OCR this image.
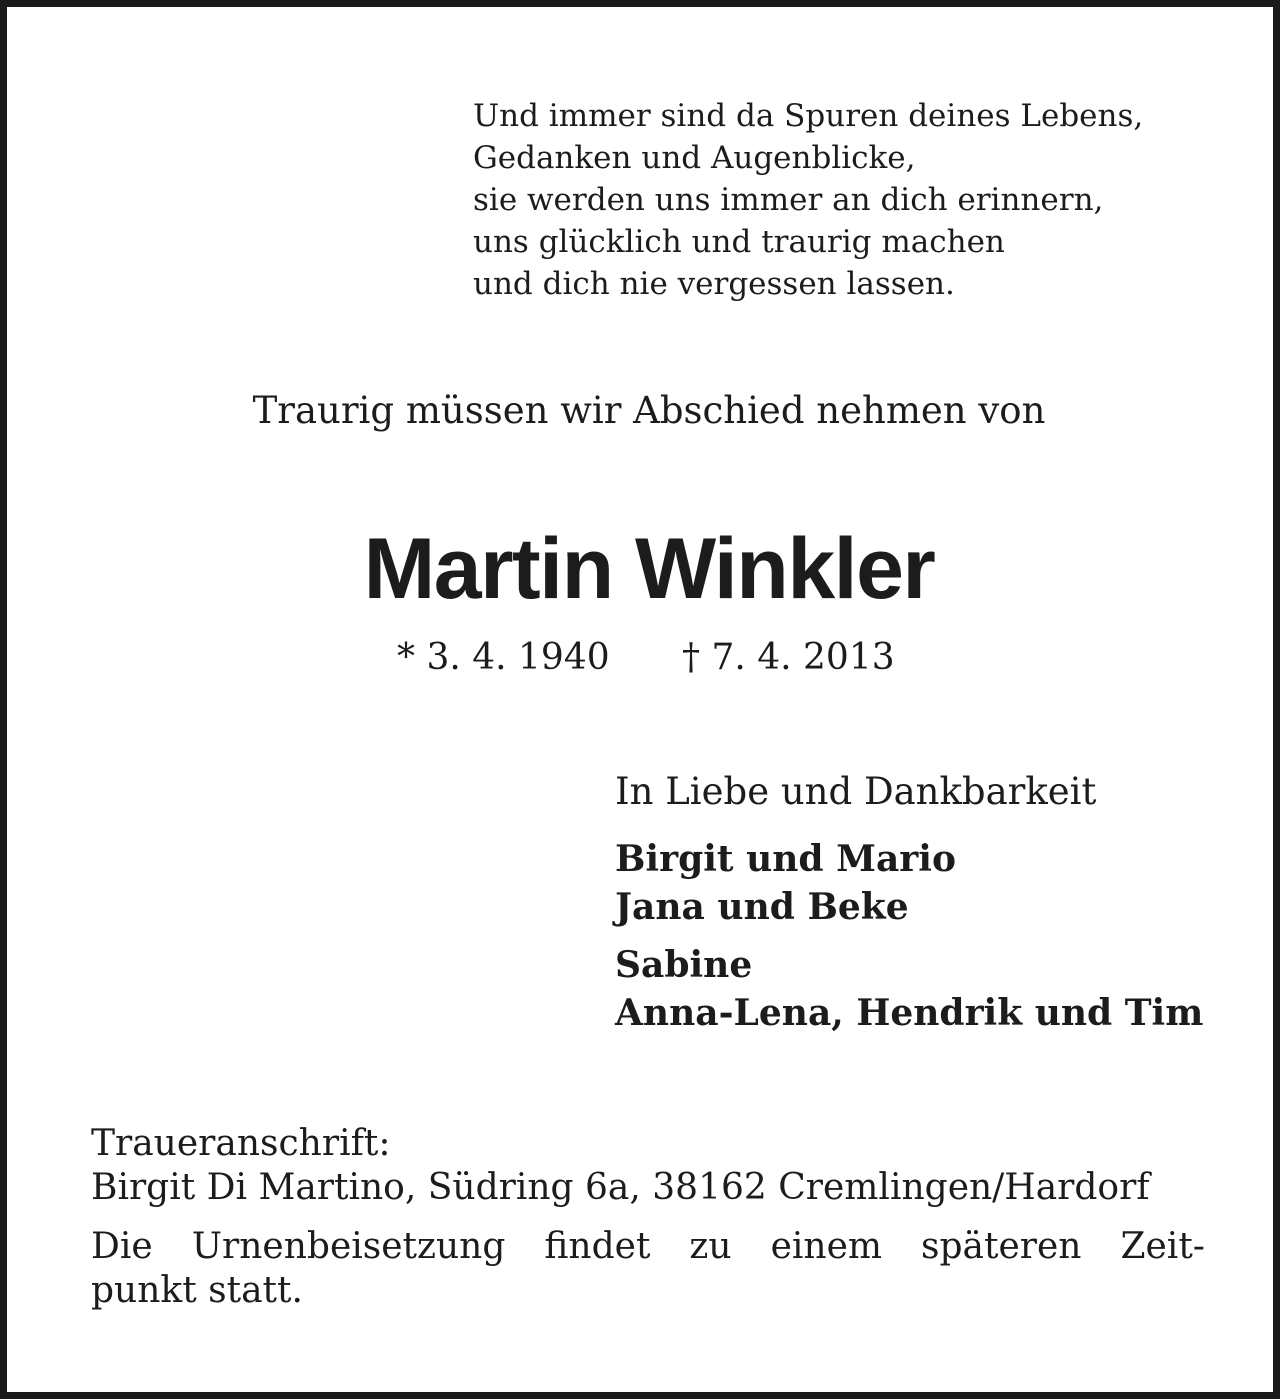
Und immer sind da Spuren deines Lebens,
Gedanken und Augenblicke,
sie werden uns immer an dich erinnern,
uns glücklich und traurig machen
und dich nie vergessen lassen.
Traurig müssen wir Abschied nehmen von
Martin Winkler
* 3. 4. 1940 † 7. 4. 2013
In Liebe und Dankbarkeit
Birgit und Mario
Jana und Beke
Sabine
Anna-Lena, Hendrik und Tim
Traueranschrift:
Birgit Di Martino, Südring 6a, 38162 Cremlingen/Hardorf
Die Urnenbeisetzung findet zu einem späteren Zeit-
punkt statt.
